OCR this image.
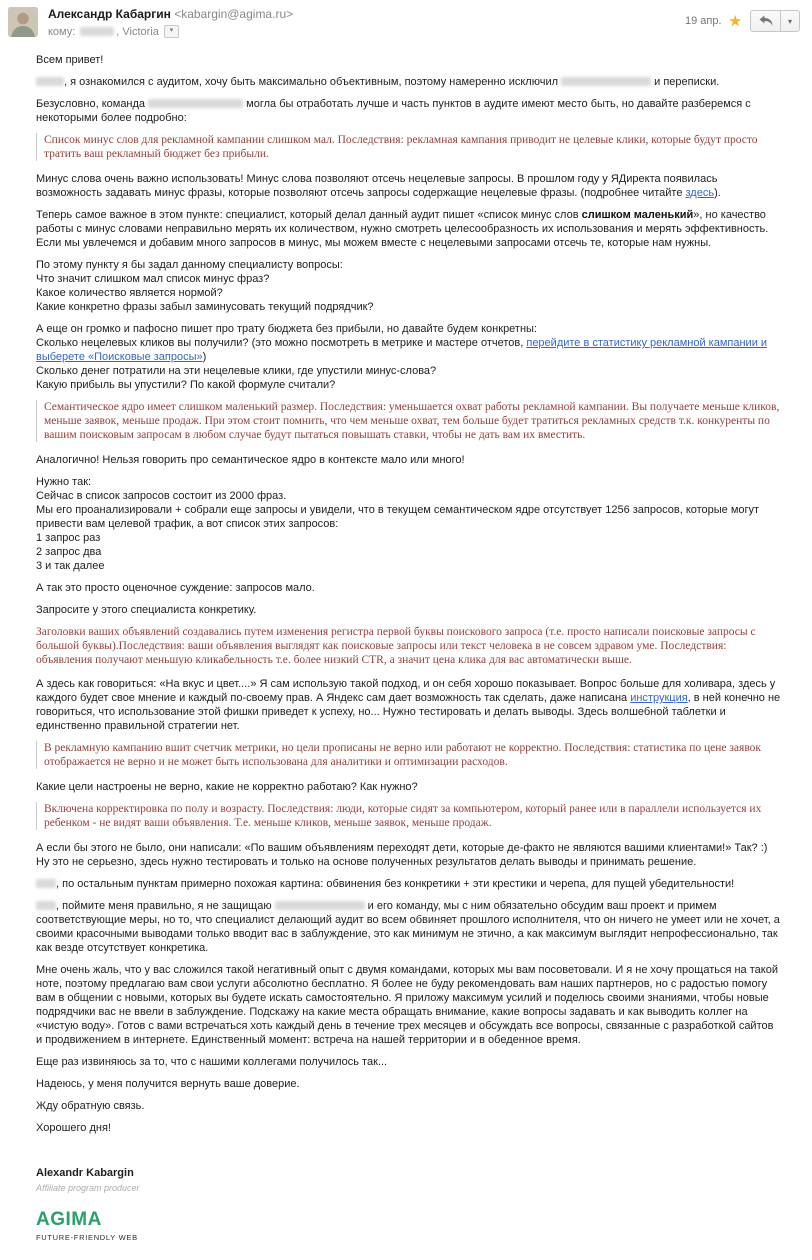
Александр Кабаргин <kabargin@agima.ru>
кому:	, Victoria	▾
19 апр. ★	▾

Всем привет!

, я ознакомился с аудитом, хочу быть максимально объективным, поэтому намеренно исключил	и переписки.

Безусловно, команда	могла бы отработать лучше и часть пунктов в аудите имеют место быть, но давайте разберемся с некоторыми более подробно:

Список минус слов для рекламной кампании слишком мал. Последствия: рекламная кампания приводит не целевые клики, которые будут просто тратить ваш рекламный бюджет без прибыли.

Минус слова очень важно использовать! Минус слова позволяют отсечь нецелевые запросы. В прошлом году у ЯДиректа появилась возможность задавать минус фразы, которые позволяют отсечь запросы содержащие нецелевые фразы. (подробнее читайте здесь).

Теперь самое важное в этом пункте: специалист, который делал данный аудит пишет «список минус слов слишком маленький», но качество работы с минус словами неправильно мерять их количеством, нужно смотреть целесообразность их использования и мерять эффективность. Если мы увлечемся и добавим много запросов в минус, мы можем вместе с нецелевыми запросами отсечь те, которые нам нужны.

По этому пункту я бы задал данному специалисту вопросы:
Что значит слишком мал список минус фраз?
Какое количество является нормой?
Какие конкретно фразы забыл заминусовать текущий подрядчик?

А еще он громко и пафосно пишет про трату бюджета без прибыли, но давайте будем конкретны:
Сколько нецелевых кликов вы получили? (это можно посмотреть в метрике и мастере отчетов, перейдите в статистику рекламной кампании и выберете «Поисковые запросы»)
Сколько денег потратили на эти нецелевые клики, где упустили минус-слова?
Какую прибыль вы упустили? По какой формуле считали?

Семантическое ядро имеет слишком маленький размер. Последствия: уменьшается охват работы рекламной кампании. Вы получаете меньше кликов, меньше заявок, меньше продаж. При этом стоит помнить, что чем меньше охват, тем больше будет тратиться рекламных средств т.к. конкуренты по вашим поисковым запросам в любом случае будут пытаться повышать ставки, чтобы не дать вам их вместить.

Аналогично! Нельзя говорить про семантическое ядро в контексте мало или много!

Нужно так:
Сейчас в список запросов состоит из 2000 фраз.
Мы его проанализировали + собрали еще запросы и увидели, что в текущем семантическом ядре отсутствует 1256 запросов, которые могут привести вам целевой трафик, а вот список этих запросов:
1 запрос раз
2 запрос два
3 и так далее

А так это просто оценочное суждение: запросов мало.

Запросите у этого специалиста конкретику.

Заголовки ваших объявлений создавались путем изменения регистра первой буквы поискового запроса (т.е. просто написали поисковые запросы с большой буквы).Последствия: ваши объявления выглядят как поисковые запросы или текст человека в не совсем здравом уме. Последствия: объявления получают меньшую кликабельность т.е. более низкий CTR, а значит цена клика для вас автоматически выше.

А здесь как говориться: «На вкус и цвет....» Я сам использую такой подход, и он себя хорошо показывает. Вопрос больше для холивара, здесь у каждого будет свое мнение и каждый по-своему прав. А Яндекс сам дает возможность так сделать, даже написана инструкция, в ней конечно не говориться, что использование этой фишки приведет к успеху, но... Нужно тестировать и делать выводы. Здесь волшебной таблетки и единственно правильной стратегии нет.

В рекламную кампанию вшит счетчик метрики, но цели прописаны не верно или работают не корректно. Последствия: статистика по цене заявок отображается не верно и не может быть использована для аналитики и оптимизации расходов.

Какие цели настроены не верно, какие не корректно работаю? Как нужно?

Включена корректировка по полу и возрасту. Последствия: люди, которые сидят за компьютером, который ранее или в параллели используется их ребенком - не видят ваши объявления. Т.е. меньше кликов, меньше заявок, меньше продаж.

А если бы этого не было, они написали: «По вашим объявлениям переходят дети, которые де-факто не являются вашими клиентами!» Так? :)
Ну это не серьезно, здесь нужно тестировать и только на основе полученных результатов делать выводы и принимать решение.

, по остальным пунктам примерно похожая картина: обвинения без конкретики + эти крестики и черепа, для пущей убедительности!

, поймите меня правильно, я не защищаю	и его команду, мы с ним обязательно обсудим ваш проект и примем соответствующие меры, но то, что специалист делающий аудит во всем обвиняет прошлого исполнителя, что он ничего не умеет или не хочет, а своими красочными выводами только вводит вас в заблуждение, это как минимум не этично, а как максимум выглядит непрофессионально, так как везде отсутствует конкретика.

Мне очень жаль, что у вас сложился такой негативный опыт с двумя командами, которых мы вам посоветовали. И я не хочу прощаться на такой ноте, поэтому предлагаю вам свои услуги абсолютно бесплатно. Я более не буду рекомендовать вам наших партнеров, но с радостью помогу вам в общении с новыми, которых вы будете искать самостоятельно. Я приложу максимум усилий и поделюсь своими знаниями, чтобы новые подрядчики вас не ввели в заблуждение. Подскажу на какие места обращать внимание, какие вопросы задавать и как выводить коллег на «чистую воду». Готов с вами встречаться хоть каждый день в течение трех месяцев и обсуждать все вопросы, связанные с разработкой сайтов и продвижением в интернете. Единственный момент: встреча на нашей территории и в обеденное время.

Еще раз извиняюсь за то, что с нашими коллегами получилось так...

Надеюсь, у меня получится вернуть ваше доверие.

Жду обратную связь.

Хорошего дня!

Alexandr Kabargin
Affiliate program producer
AGIMA
FUTURE-FRIENDLY WEB
